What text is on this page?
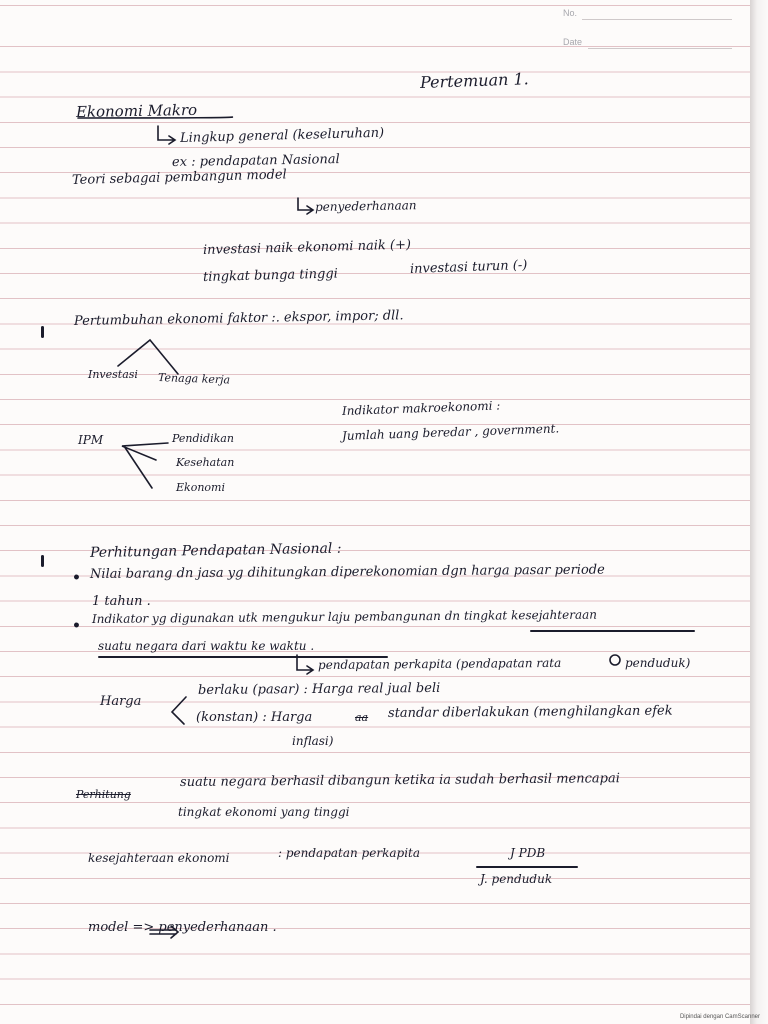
No.
Date
Pertemuan 1.
Ekonomi Makro
Lingkup general (keseluruhan)
ex : pendapatan Nasional
Teori sebagai pembangun model
penyederhanaan
investasi naik ekonomi naik (+)
tingkat bunga tinggi	investasi turun (-)
Pertumbuhan ekonomi faktor :. ekspor, impor; dll.
Investasi Tenaga kerja
Indikator makroekonomi :
Jumlah uang beredar , government.
IPM	Pendidikan
Kesehatan
Ekonomi
Perhitungan Pendapatan Nasional :
• Nilai barang dn jasa yg dihitungkan diperekonomian dgn harga pasar periode
1 tahun .
•
Indikator yg digunakan utk mengukur laju pembangunan dn tingkat kesejahteraan
suatu negara dari waktu ke waktu .
pendapatan perkapita (pendapatan rata	penduduk)
Harga
berlaku (pasar) : Harga real jual beli
(konstan) : Harga	aa standar diberlakukan (menghilangkan efek
inflasi)
Perhitung
suatu negara berhasil dibangun ketika ia sudah berhasil mencapai
tingkat ekonomi yang tinggi
kesejahteraan ekonomi	: pendapatan perkapita	J PDB
J. penduduk
model => penyederhanaan .
Dipindai dengan CamScanner
